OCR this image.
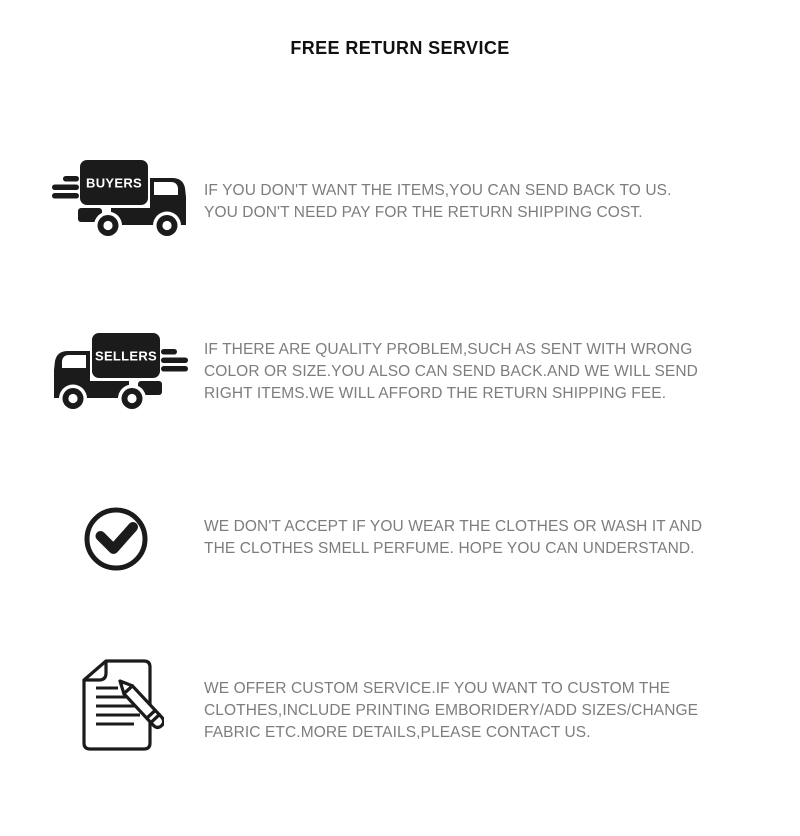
FREE RETURN SERVICE
BUYERS	IF YOU DON'T WANT THE ITEMS,YOU CAN SEND BACK TO US.
YOU DON'T NEED PAY FOR THE RETURN SHIPPING COST.
SELLERS	IF THERE ARE QUALITY PROBLEM,SUCH AS SENT WITH WRONG
COLOR OR SIZE.YOU ALSO CAN SEND BACK.AND WE WILL SEND
RIGHT ITEMS.WE WILL AFFORD THE RETURN SHIPPING FEE.
WE DON'T ACCEPT IF YOU WEAR THE CLOTHES OR WASH IT AND
THE CLOTHES SMELL PERFUME. HOPE YOU CAN UNDERSTAND.
WE OFFER CUSTOM SERVICE.IF YOU WANT TO CUSTOM THE
CLOTHES,INCLUDE PRINTING EMBORIDERY/ADD SIZES/CHANGE
FABRIC ETC.MORE DETAILS,PLEASE CONTACT US.
